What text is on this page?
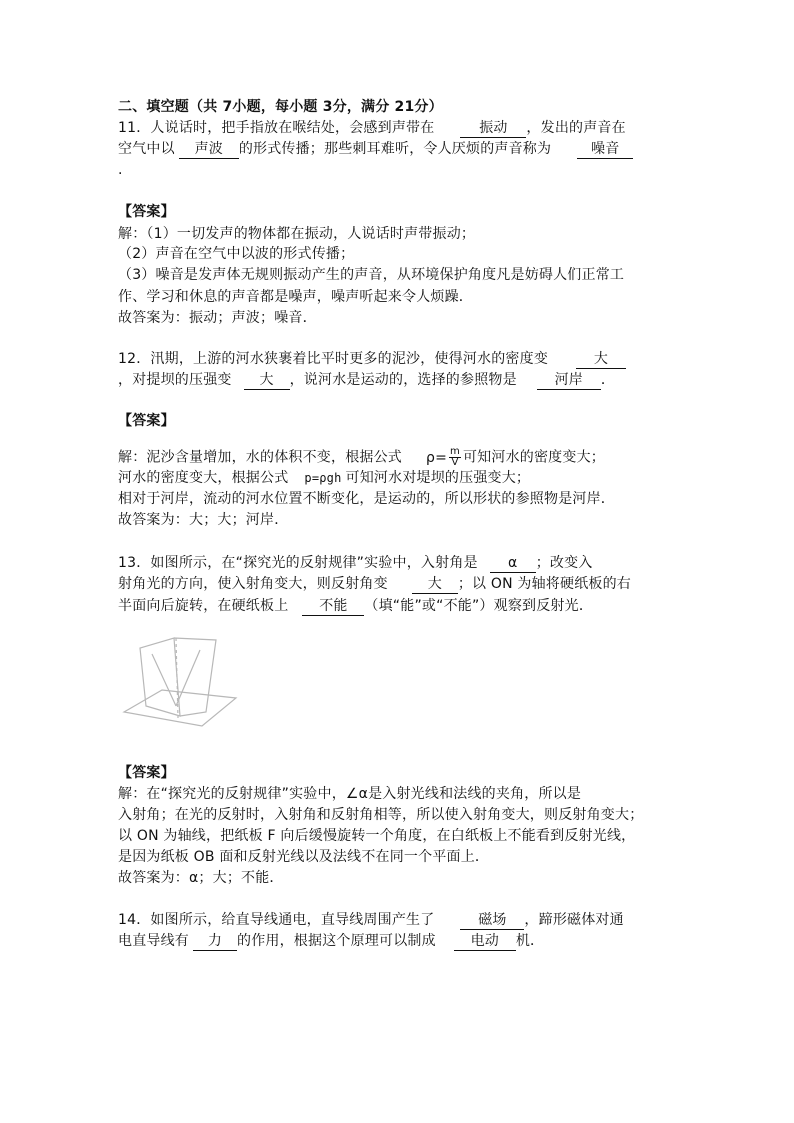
二、填空题（共 7小题，每小题 3分，满分 21分）
11．人说话时，把手指放在喉结处，会感到声带在	振动 ，发出的声音在
空气中以 声波 的形式传播；那些刺耳难听，令人厌烦的声音称为	噪音
.
【答案】
解：（1）一切发声的物体都在振动，人说话时声带振动；
（2）声音在空气中以波的形式传播；
（3）噪音是发声体无规则振动产生的声音，从环境保护角度凡是妨碍人们正常工
作、学习和休息的声音都是噪声，噪声听起来令人烦躁．
故答案为：振动；声波；噪音．
12．汛期，上游的河水狭裹着比平时更多的泥沙，使得河水的密度变	大
，对提坝的压强变 大 ，说河水是运动的，选择的参照物是	河岸 ．
【答案】
解：泥沙含量增加，水的体积不变，根据公式 $\rho= \frac{m}{V}$ 可知河水的密度变大；
河水的密度变大，根据公式 p=ρgh 可知河水对堤坝的压强变大；
相对于河岸，流动的河水位置不断变化，是运动的，所以形状的参照物是河岸．
故答案为：大；大；河岸．
13．如图所示，在“探究光的反射规律”实验中，入射角是 α ；改变入
射角光的方向，使入射角变大，则反射角变	大 ；以 ON 为轴将硬纸板的右
半面向后旋转，在硬纸板上 不能 （填“能”或“不能”）观察到反射光．
【答案】
解：在“探究光的反射规律”实验中，∠α是入射光线和法线的夹角，所以是
入射角；在光的反射时，入射角和反射角相等，所以使入射角变大，则反射角变大；
以 ON 为轴线，把纸板 F 向后缓慢旋转一个角度，在白纸板上不能看到反射光线，
是因为纸板 OB 面和反射光线以及法线不在同一个平面上．
故答案为：α；大；不能．
14．如图所示，给直导线通电，直导线周围产生了	磁场 ，蹄形磁体对通
电直导线有 力 的作用，根据这个原理可以制成 电动 机．
